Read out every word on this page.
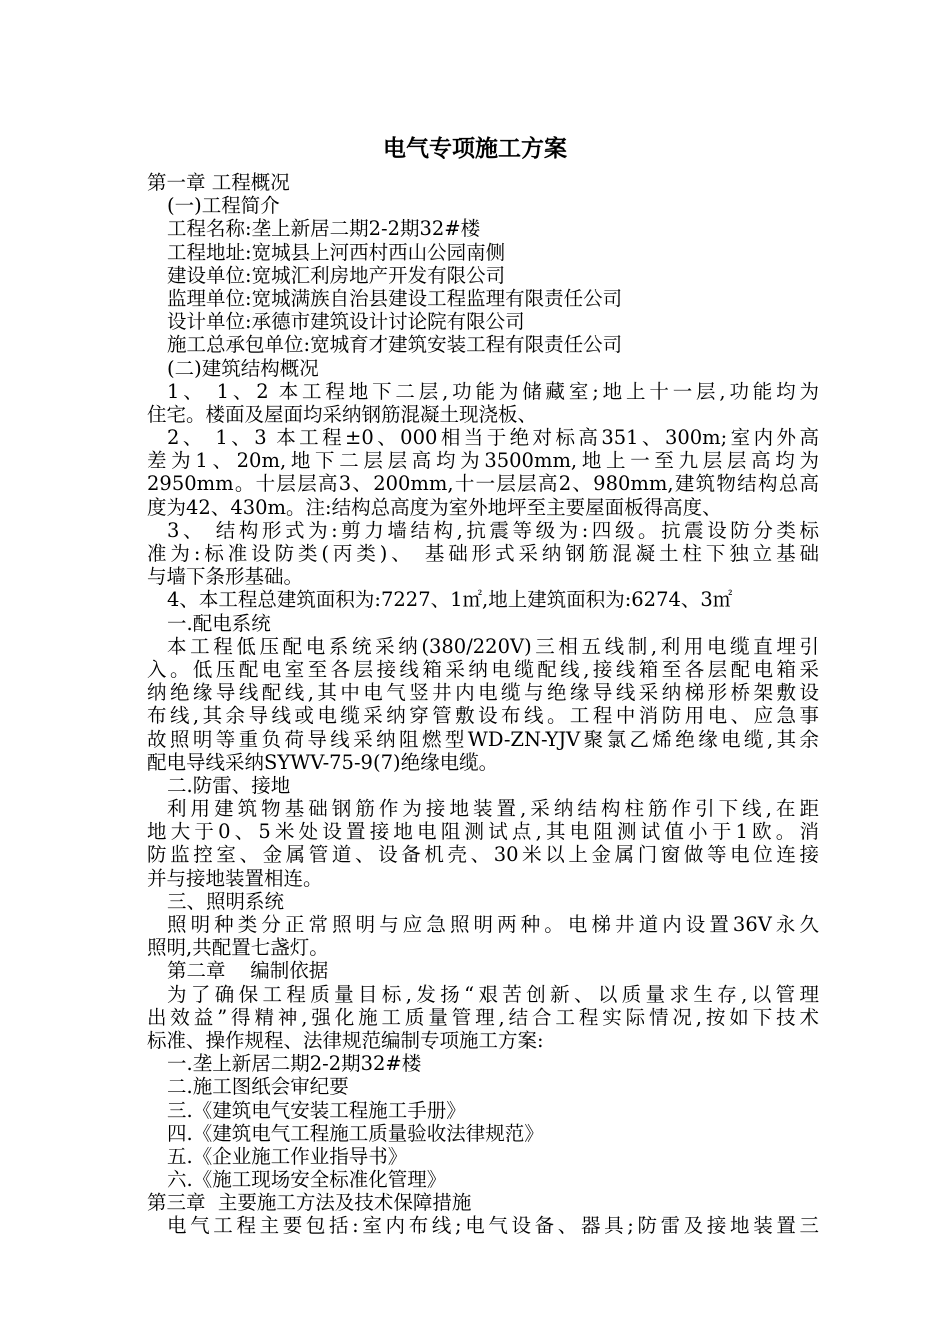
电气专项施工方案
第一章 工程概况
(一)工程简介
工程名称:垄上新居二期2-2期32#楼
工程地址:宽城县上河西村西山公园南侧
建设单位:宽城汇利房地产开发有限公司
监理单位:宽城满族自治县建设工程监理有限责任公司
设计单位:承德市建筑设计讨论院有限公司
施工总承包单位:宽城育才建筑安装工程有限责任公司
(二)建筑结构概况
1、 1、2 本工程地下二层,功能为储藏室;地上十一层,功能均为
住宅。楼面及屋面均采纳钢筋混凝土现浇板、
2、 1、3 本工程±0、000相当于绝对标高351、300m;室内外高
差为1、20m,地下二层层高均为3500mm,地上一至九层层高均为
2950mm。十层层高3、200mm,十一层层高2、980mm,建筑物结构总高
度为42、430m。注:结构总高度为室外地坪至主要屋面板得高度、
3、 结构形式为:剪力墙结构,抗震等级为:四级。抗震设防分类标
准为:标准设防类(丙类)、 基础形式采纳钢筋混凝土柱下独立基础
与墙下条形基础。
4、本工程总建筑面积为:7227、1㎡,地上建筑面积为:6274、3㎡
一.配电系统
本工程低压配电系统采纳(380/220V)三相五线制,利用电缆直埋引
入。低压配电室至各层接线箱采纳电缆配线,接线箱至各层配电箱采
纳绝缘导线配线,其中电气竖井内电缆与绝缘导线采纳梯形桥架敷设
布线,其余导线或电缆采纳穿管敷设布线。工程中消防用电、应急事
故照明等重负荷导线采纳阻燃型WD-ZN-YJV聚氯乙烯绝缘电缆,其余
配电导线采纳SYWV-75-9(7)绝缘电缆。
二.防雷、接地
利用建筑物基础钢筋作为接地装置,采纳结构柱筋作引下线,在距
地大于0、5米处设置接地电阻测试点,其电阻测试值小于1欧。消
防监控室、金属管道、设备机壳、30米以上金属门窗做等电位连接
并与接地装置相连。
三、照明系统
照明种类分正常照明与应急照明两种。电梯井道内设置36V永久
照明,共配置七盏灯。
第二章    编制依据
为了确保工程质量目标,发扬“艰苦创新、以质量求生存,以管理
出效益”得精神,强化施工质量管理,结合工程实际情况,按如下技术
标准、操作规程、法律规范编制专项施工方案:
一.垄上新居二期2-2期32#楼
二.施工图纸会审纪要
三.《建筑电气安装工程施工手册》
四.《建筑电气工程施工质量验收法律规范》
五.《企业施工作业指导书》
六.《施工现场安全标准化管理》
第三章  主要施工方法及技术保障措施
电气工程主要包括:室内布线;电气设备、器具;防雷及接地装置三
